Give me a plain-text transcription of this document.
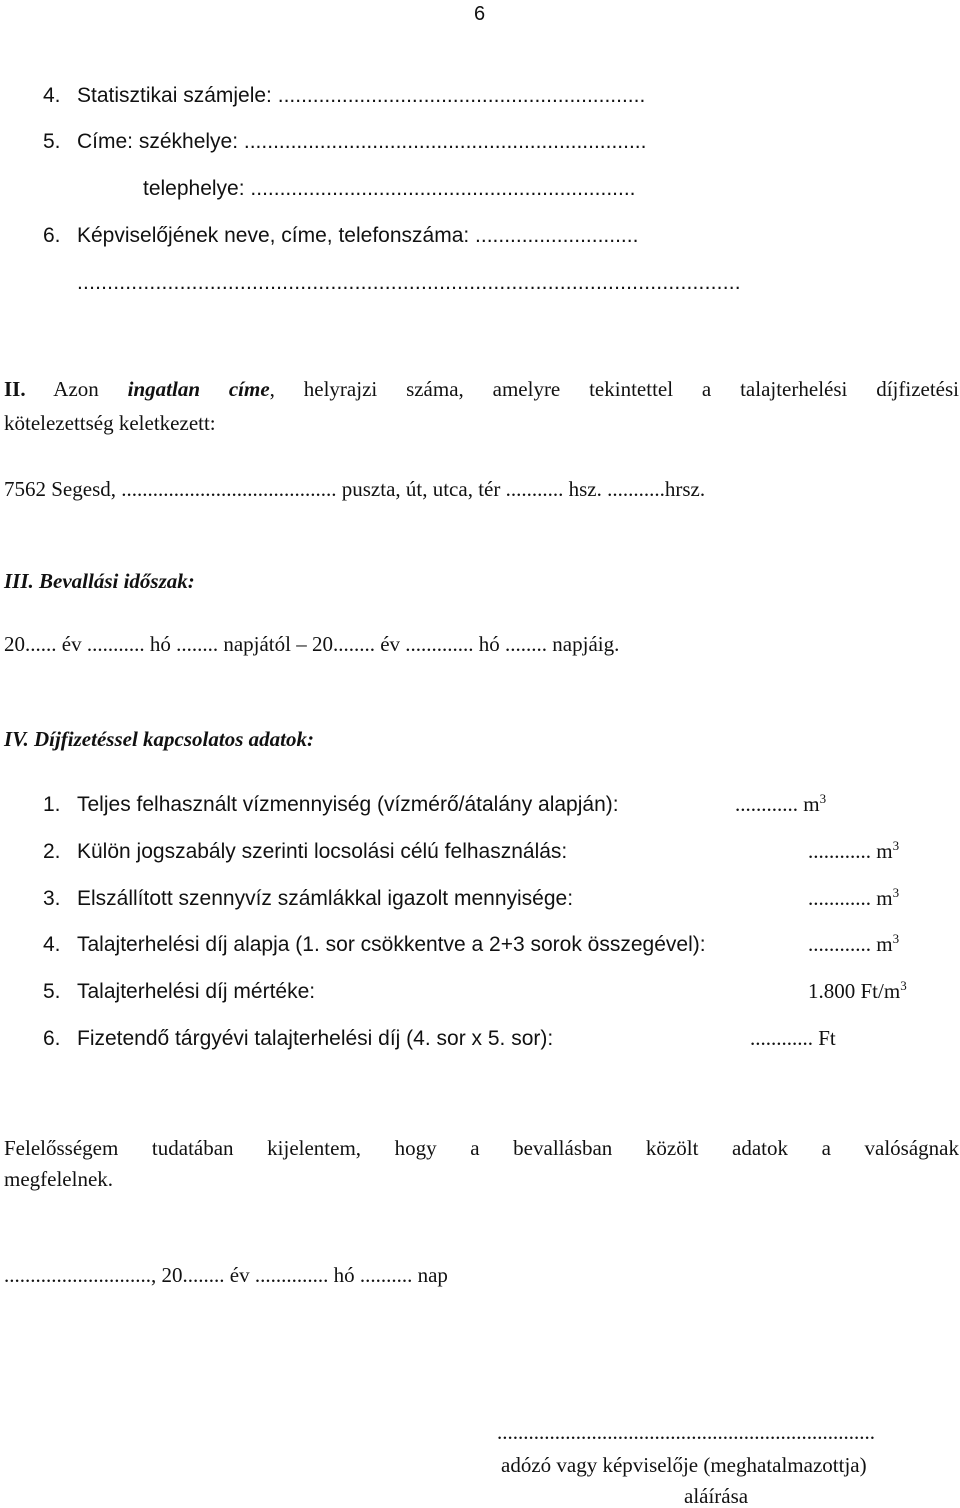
6
4. Statisztikai számjele: ...............................................................
5. Címe: székhelye: .....................................................................
telephelye: ..................................................................
6. Képviselőjének neve, címe, telefonszáma: ............................
..............................................................................................................
II. Azon ingatlan címe, helyrajzi száma, amelyre tekintettel a talajterhelési díjfizetési
kötelezettség keletkezett:
7562 Segesd, ......................................... puszta, út, utca, tér ........... hsz. ...........hrsz.
III. Bevallási időszak:
20...... év ........... hó ........ napjától – 20........ év ............. hó ........ napjáig.
IV. Díjfizetéssel kapcsolatos adatok:
1. Teljes felhasznált vízmennyiség (vízmérő/átalány alapján):	............ $m^3$
2. Külön jogszabály szerinti locsolási célú felhasználás:	............ $m^3$
3. Elszállított szennyvíz számlákkal igazolt mennyisége:	............ $m^3$
4. Talajterhelési díj alapja (1. sor csökkentve a 2+3 sorok összegével):	............ $m^3$
5. Talajterhelési díj mértéke:	1.800 $Ft/m^3$
6. Fizetendő tárgyévi talajterhelési díj (4. sor x 5. sor):	............ Ft
Felelősségem tudatában kijelentem, hogy a bevallásban közölt adatok a valóságnak
megfelelnek.
............................, 20........ év .............. hó .......... nap
........................................................................
adózó vagy képviselője (meghatalmazottja)
aláírása
